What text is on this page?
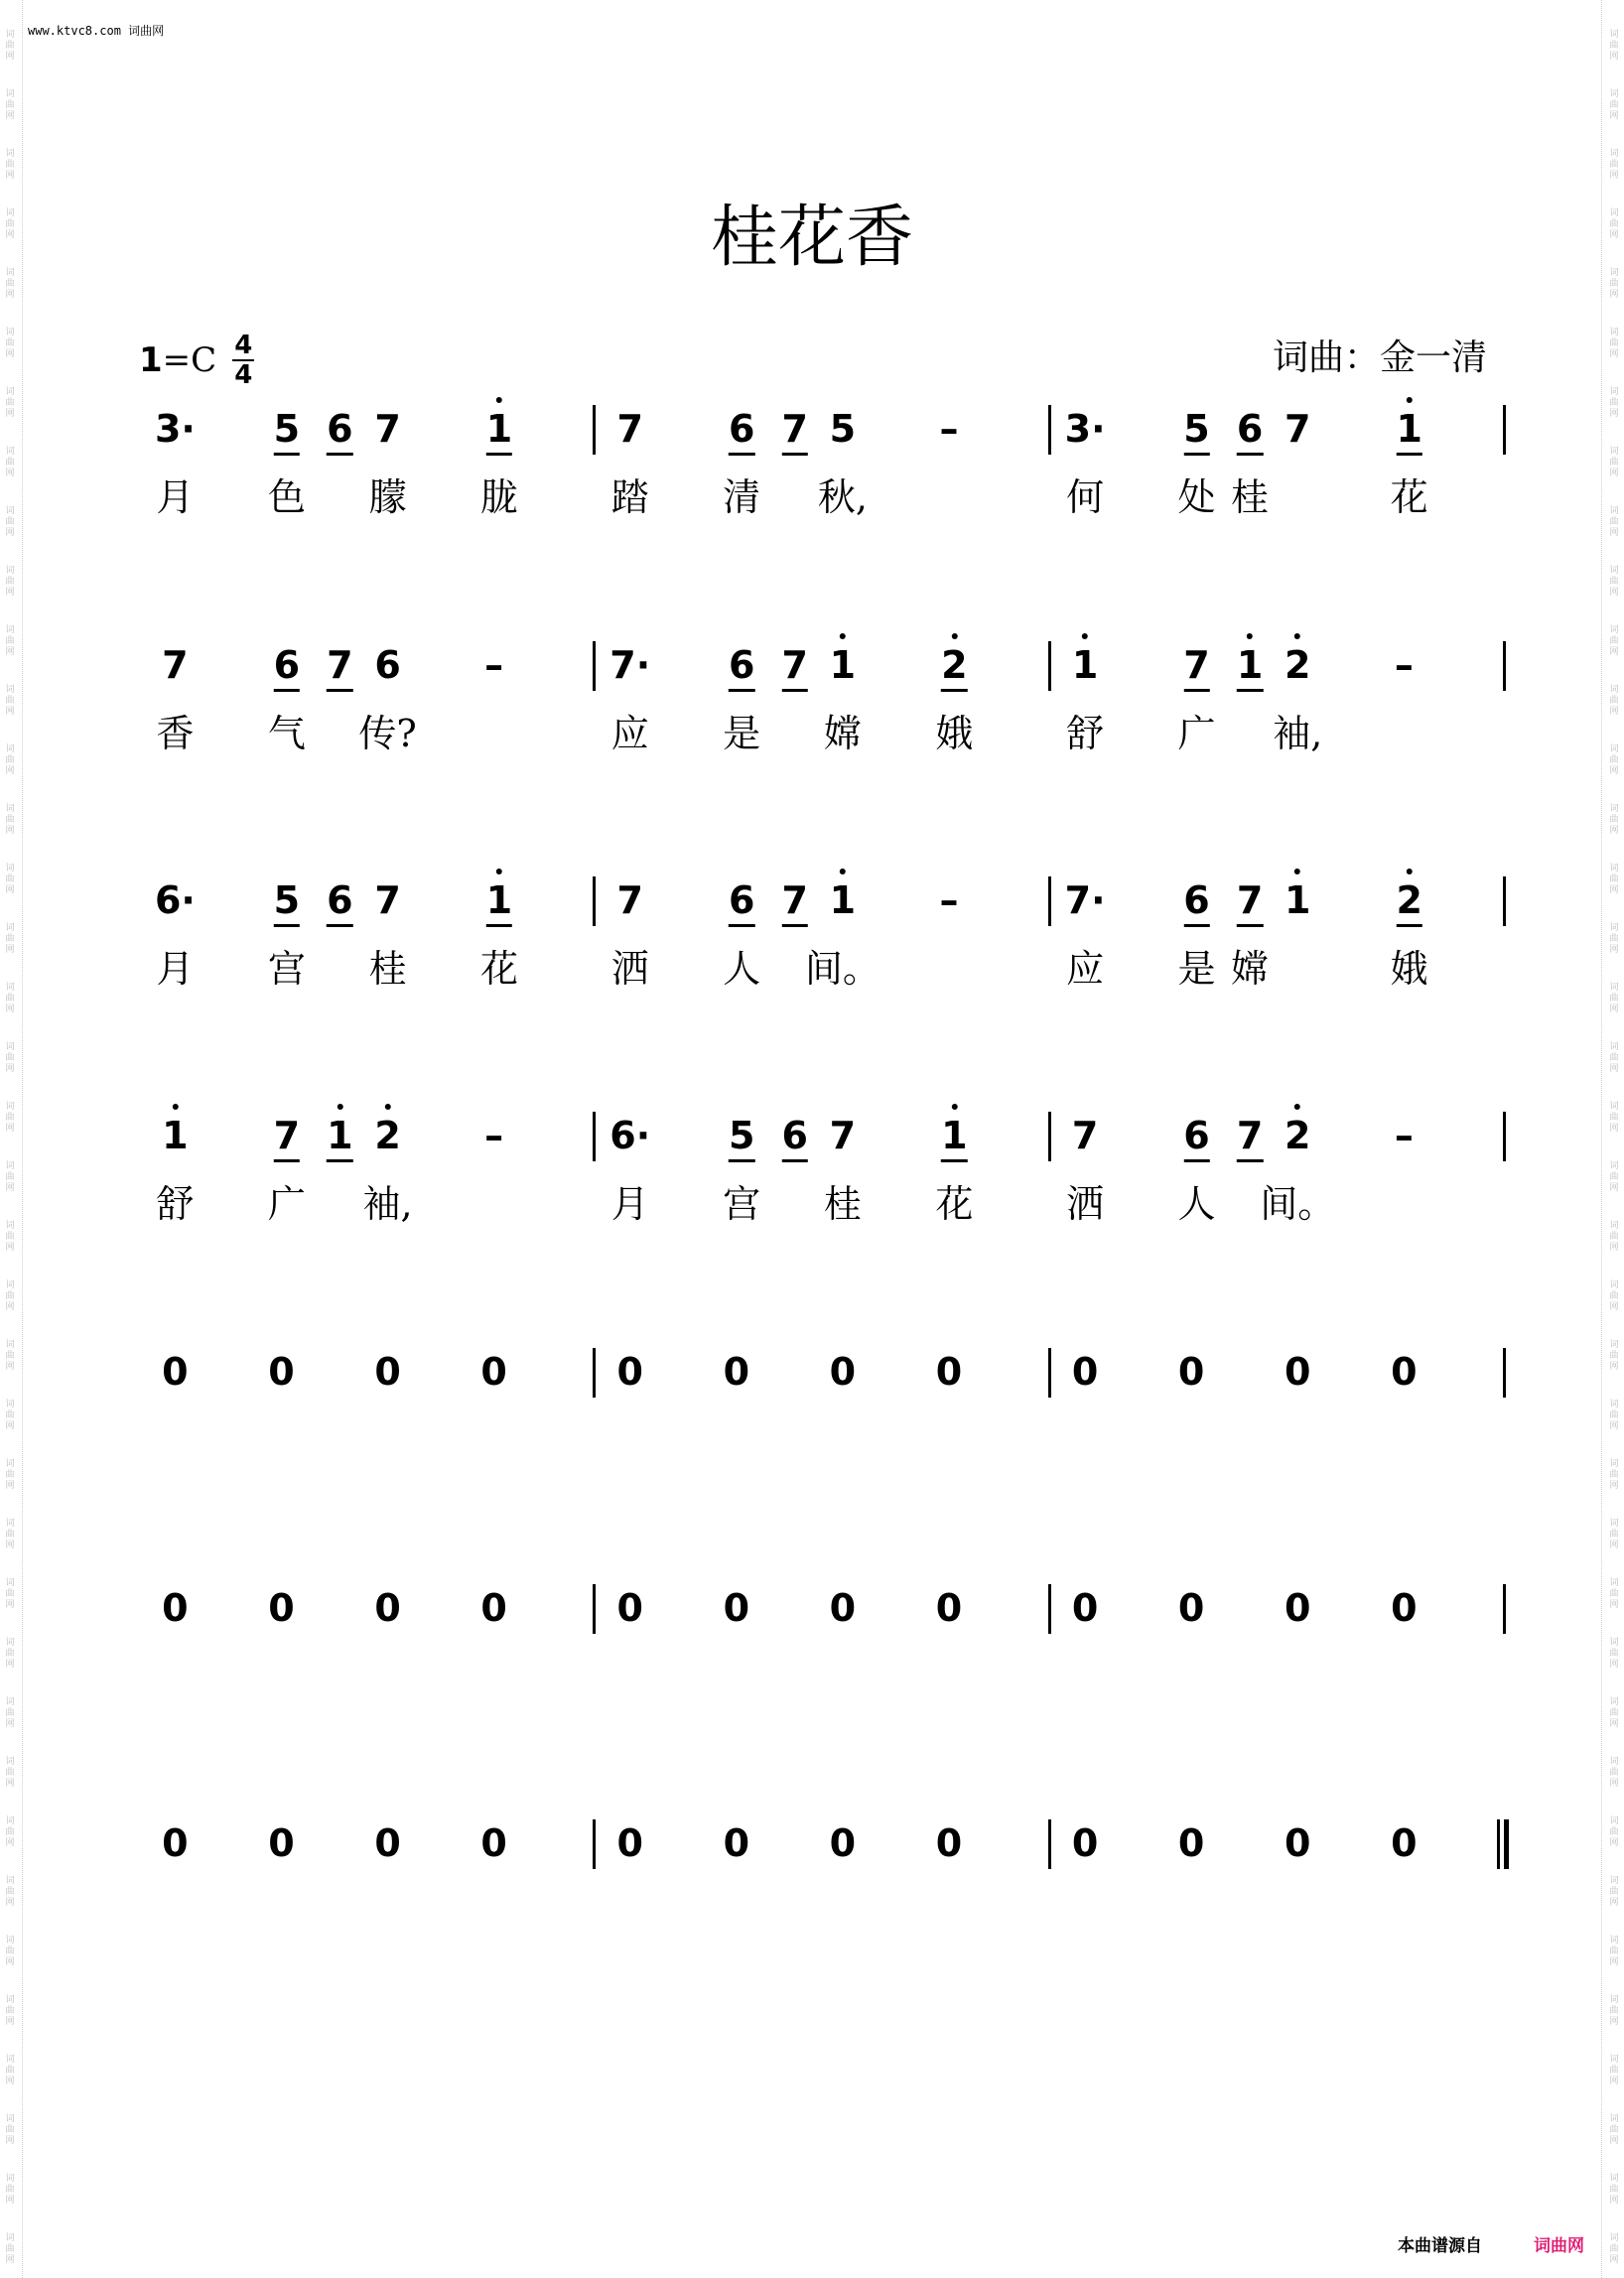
词
曲
网
词
曲
网
词
曲
网
词
曲
网
词
曲
网
词
曲
网
词
曲
网
词
曲
网
词
曲
网
词
曲
网
词
曲
网
词
曲
网
词
曲
网
词
曲
网
词
曲
网
词
曲
网
词
曲
网
词
曲
网
词
曲
网
词
曲
网
词
曲
网
词
曲
网
词
曲
网
词
曲
网
词
曲
网
词
曲
网
词
曲
网
词
曲
网
词
曲
网
词
曲
网
词
曲
网
词
曲
网
词
曲
网
词
曲
网
词
曲
网
词
曲
网
词
曲
网
词
曲
网
词
曲
网
词
曲
网
词
曲
网
词
曲
网
词
曲
网
词
曲
网
词
曲
网
词
曲
网
词
曲
网
词
曲
网
词
曲
网
词
曲
网
词
曲
网
词
曲
网
词
曲
网
词
曲
网
词
曲
网
词
曲
网
词
曲
网
词
曲
网
词
曲
网
词
曲
网
词
曲
网
词
曲
网
词
曲
网
词
曲
网
词
曲
网
词
曲
网
词
曲
网
词
曲
网
词
曲
网
词
曲
网
词
曲
网
词
曲
网
词
曲
网
词
曲
网
词
曲
网
词
曲
网
www.ktvc8.com 词曲网
桂花香
1 = C $\frac{4}{4}$	词曲：金一清
3· 5 6 7 1	7 6 7 5 –	3· 5 6 7 1
月 色 朦 胧 踏 清 秋,	何 处 桂	花
7 6 7 6 –	7· 6 7 1 2	1 7 1 2 –
香 气 传?	应 是 嫦 娥 舒 广 袖,
6· 5 6 7 1	7 6 7 1 –	7· 6 7 1 2
月 宫 桂 花 洒 人 间。	应 是 嫦	娥
1 7 1 2 –	6· 5 6 7 1	7 6 7 2 –
舒 广 袖,	月 宫 桂 花 洒 人 间。
0 0 0 0	0 0 0 0	0 0 0 0
0 0 0 0	0 0 0 0	0 0 0 0
0 0 0 0	0 0 0 0	0 0 0 0
本曲谱源自	词曲网
